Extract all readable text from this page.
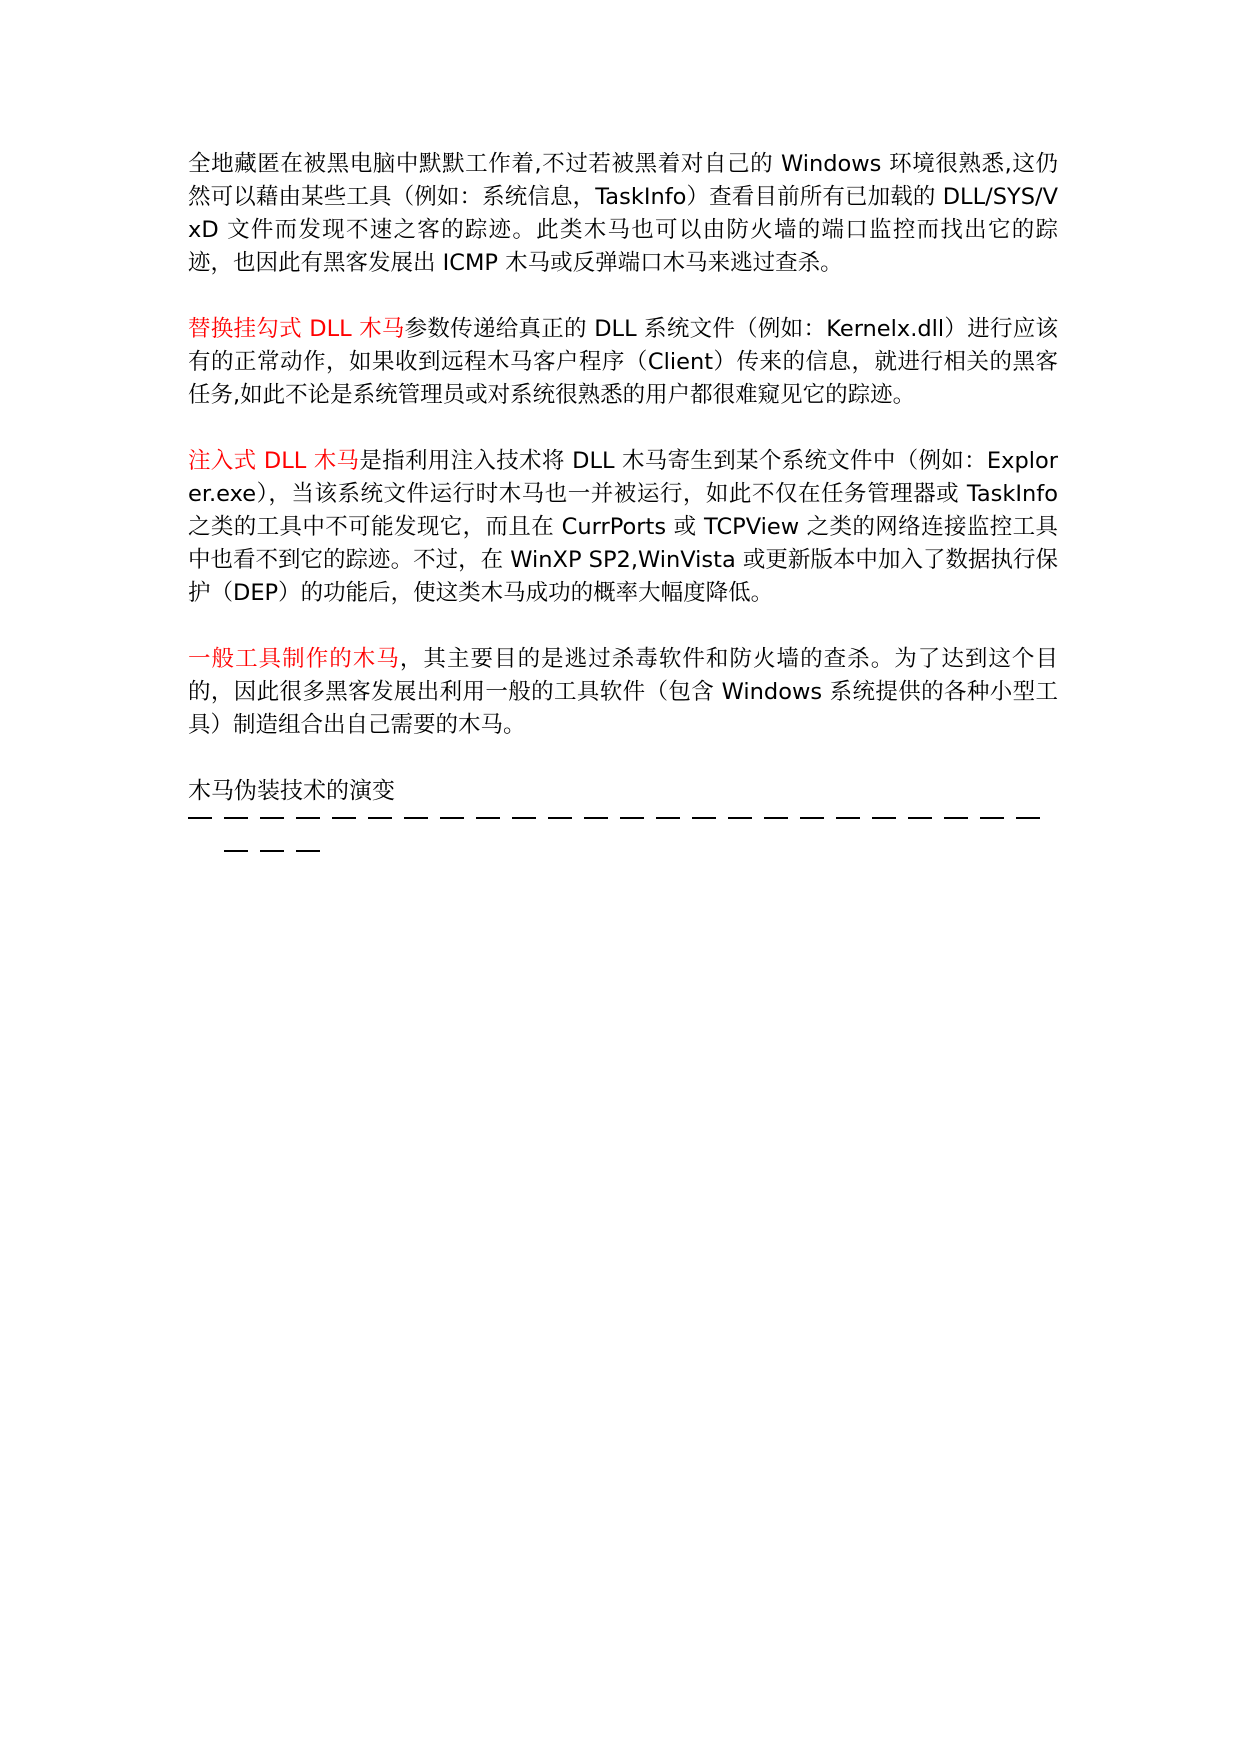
全地藏匿在被黑电脑中默默工作着,不过若被黑着对自己的 Windows 环境很熟悉,这仍然可以藉由某些工具（例如：系统信息，TaskInfo）查看目前所有已加载的 DLL/SYS/VxD 文件而发现不速之客的踪迹。此类木马也可以由防火墙的端口监控而找出它的踪迹，也因此有黑客发展出 ICMP 木马或反弹端口木马来逃过查杀。

替换挂勾式 DLL 木马参数传递给真正的 DLL 系统文件（例如：Kernelx.dll）进行应该有的正常动作，如果收到远程木马客户程序（Client）传来的信息，就进行相关的黑客任务,如此不论是系统管理员或对系统很熟悉的用户都很难窥见它的踪迹。

注入式 DLL 木马是指利用注入技术将 DLL 木马寄生到某个系统文件中（例如：Explorer.exe），当该系统文件运行时木马也一并被运行，如此不仅在任务管理器或 TaskInfo 之类的工具中不可能发现它，而且在 CurrPorts 或 TCPView 之类的网络连接监控工具中也看不到它的踪迹。不过，在 WinXP SP2,WinVista 或更新版本中加入了数据执行保护（DEP）的功能后，使这类木马成功的概率大幅度降低。

一般工具制作的木马，其主要目的是逃过杀毒软件和防火墙的查杀。为了达到这个目的，因此很多黑客发展出利用一般的工具软件（包含 Windows 系统提供的各种小型工具）制造组合出自己需要的木马。

木马伪装技术的演变
